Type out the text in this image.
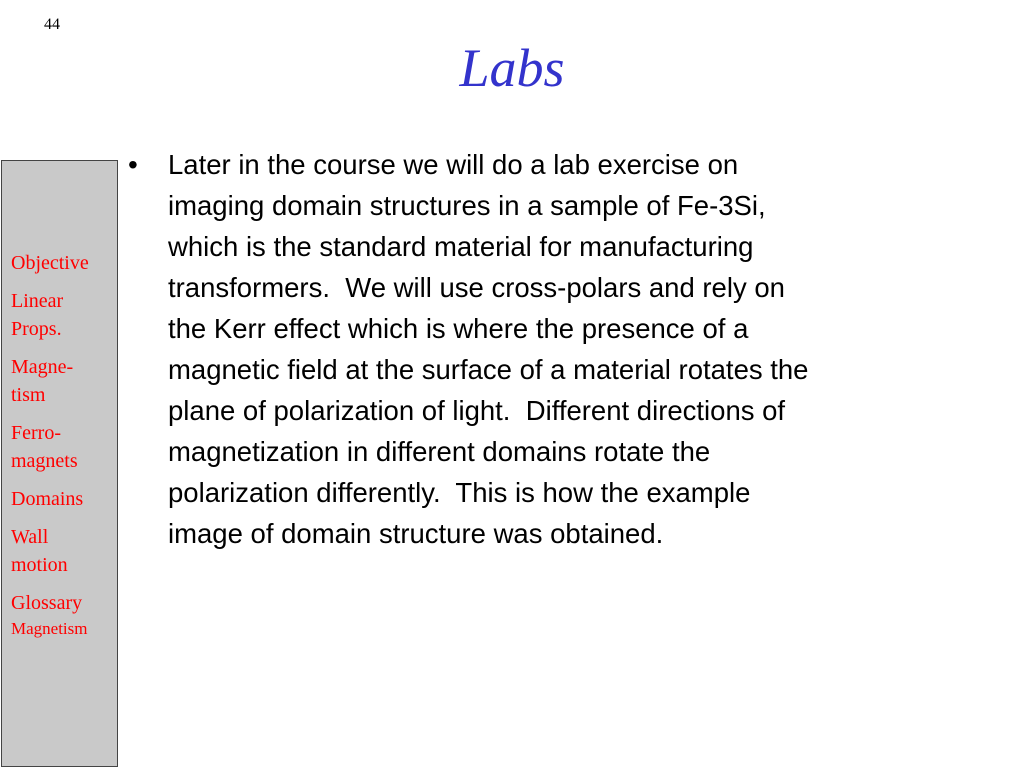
44
Labs
Objective
Linear
Props.
Magne-
tism
Ferro-
magnets
Domains
Wall
motion
Glossary
Magnetism
•	Later in the course we will do a lab exercise on
imaging domain structures in a sample of Fe-3Si,
which is the standard material for manufacturing
transformers.  We will use cross-polars and rely on
the Kerr effect which is where the presence of a
magnetic field at the surface of a material rotates the
plane of polarization of light.  Different directions of
magnetization in different domains rotate the
polarization differently.  This is how the example
image of domain structure was obtained.
